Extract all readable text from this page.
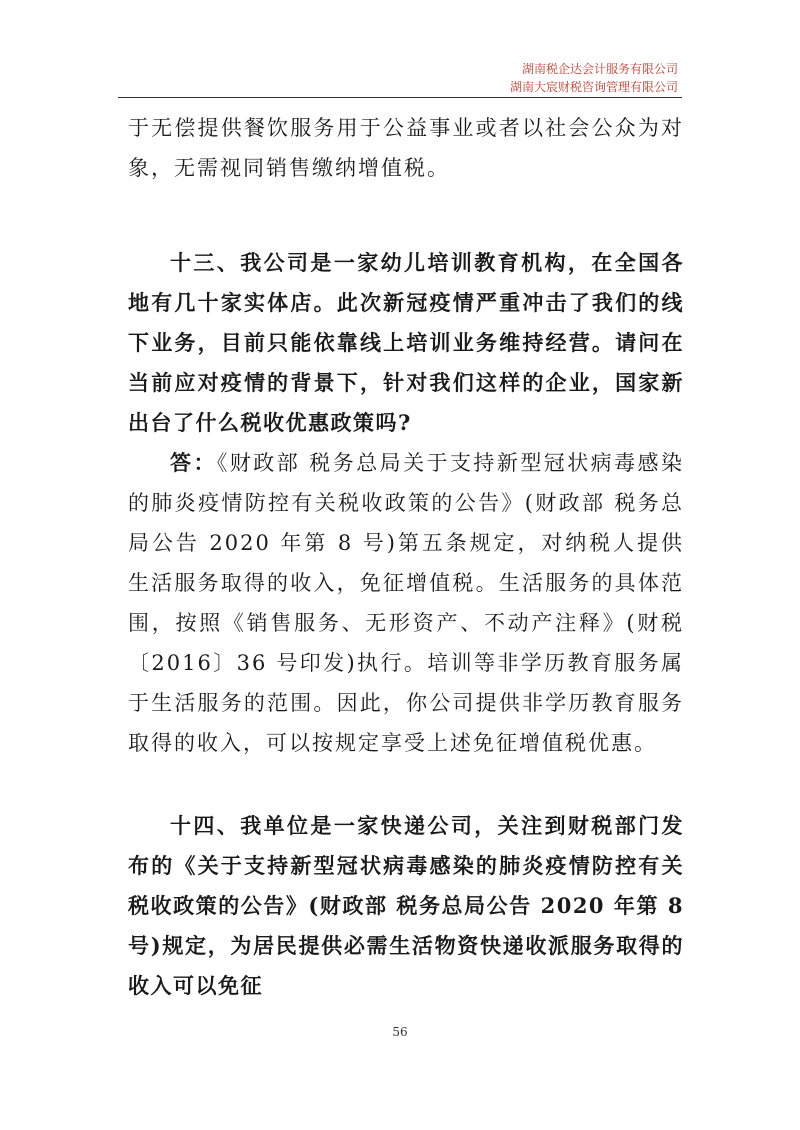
湖南税企达会计服务有限公司
湖南大宸财税咨询管理有限公司

于无偿提供餐饮服务用于公益事业或者以社会公众为对象，无需视同销售缴纳增值税。

十三、我公司是一家幼儿培训教育机构，在全国各地有几十家实体店。此次新冠疫情严重冲击了我们的线下业务，目前只能依靠线上培训业务维持经营。请问在当前应对疫情的背景下，针对我们这样的企业，国家新出台了什么税收优惠政策吗?

答：《财政部 税务总局关于支持新型冠状病毒感染的肺炎疫情防控有关税收政策的公告》(财政部 税务总局公告 2020 年第 8 号)第五条规定，对纳税人提供生活服务取得的收入，免征增值税。生活服务的具体范围，按照《销售服务、无形资产、不动产注释》(财税〔2016〕36 号印发)执行。培训等非学历教育服务属于生活服务的范围。因此，你公司提供非学历教育服务取得的收入，可以按规定享受上述免征增值税优惠。

十四、我单位是一家快递公司，关注到财税部门发布的《关于支持新型冠状病毒感染的肺炎疫情防控有关税收政策的公告》(财政部 税务总局公告 2020 年第 8 号)规定，为居民提供必需生活物资快递收派服务取得的收入可以免征

56
